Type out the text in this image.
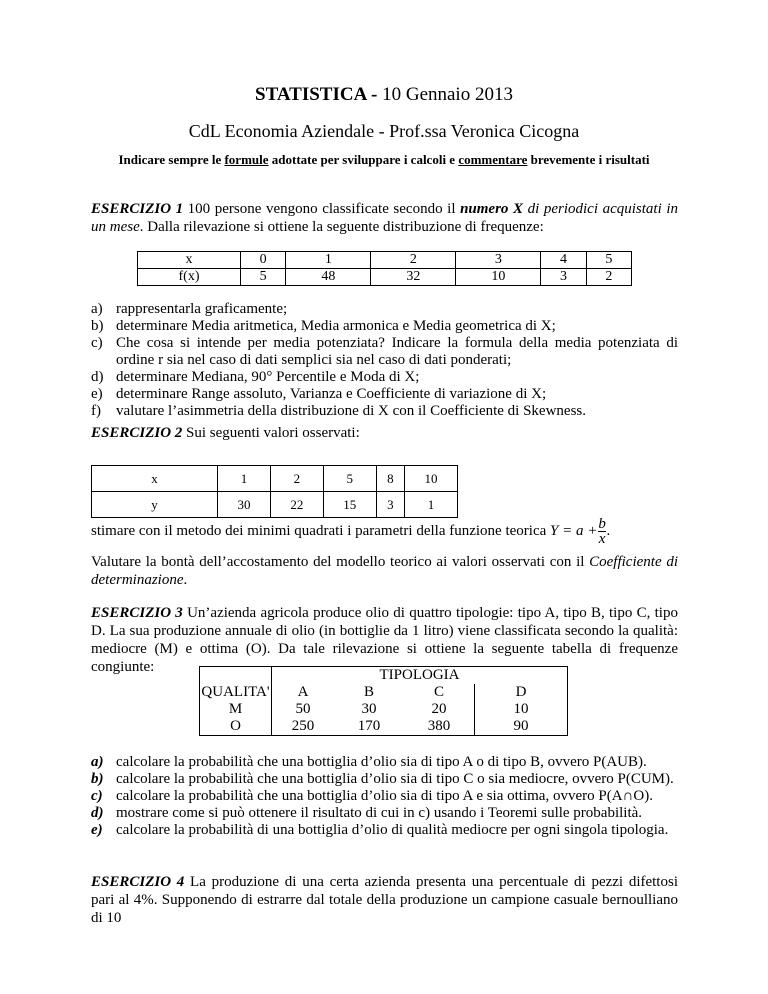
STATISTICA - 10 Gennaio 2013
CdL Economia Aziendale - Prof.ssa Veronica Cicogna
Indicare sempre le formule adottate per sviluppare i calcoli e commentare brevemente i risultati
ESERCIZIO 1 100 persone vengono classificate secondo il numero X di periodici acquistati in un mese. Dalla rilevazione si ottiene la seguente distribuzione di frequenze:
x	0	1	2	3	4	5
f(x)	5	48	32	10	3	2
a) rappresentarla graficamente;
b) determinare Media aritmetica, Media armonica e Media geometrica di X;
c) Che cosa si intende per media potenziata? Indicare la formula della media potenziata di ordine r sia nel caso di dati semplici sia nel caso di dati ponderati;
d) determinare Mediana, 90° Percentile e Moda di X;
e) determinare Range assoluto, Varianza e Coefficiente di variazione di X;
f) valutare l’asimmetria della distribuzione di X con il Coefficiente di Skewness.
ESERCIZIO 2 Sui seguenti valori osservati:
x	1	2	5	8	10
y	30	22	15	3	1
stimare con il metodo dei minimi quadrati i parametri della funzione teorica $Y = a + \frac{b}{x}$ .
Valutare la bontà dell’accostamento del modello teorico ai valori osservati con il Coefficiente di determinazione.
ESERCIZIO 3 Un’azienda agricola produce olio di quattro tipologie: tipo A, tipo B, tipo C, tipo D. La sua produzione annuale di olio (in bottiglie da 1 litro) viene classificata secondo la qualità: mediocre (M) e ottima (O). Da tale rilevazione si ottiene la seguente tabella di frequenze congiunte:
		TIPOLOGIA			
QUALITA'	A	B	C	D
M	50	30	20	10
O	250	170	380	90
a) calcolare la probabilità che una bottiglia d’olio sia di tipo A o di tipo B, ovvero P(AUB).
b) calcolare la probabilità che una bottiglia d’olio sia di tipo C o sia mediocre, ovvero P(CUM).
c) calcolare la probabilità che una bottiglia d’olio sia di tipo A e sia ottima, ovvero P(A∩O).
d) mostrare come si può ottenere il risultato di cui in c) usando i Teoremi sulle probabilità.
e) calcolare la probabilità di una bottiglia d’olio di qualità mediocre per ogni singola tipologia.
ESERCIZIO 4 La produzione di una certa azienda presenta una percentuale di pezzi difettosi pari al 4%. Supponendo di estrarre dal totale della produzione un campione casuale bernoulliano di 10
